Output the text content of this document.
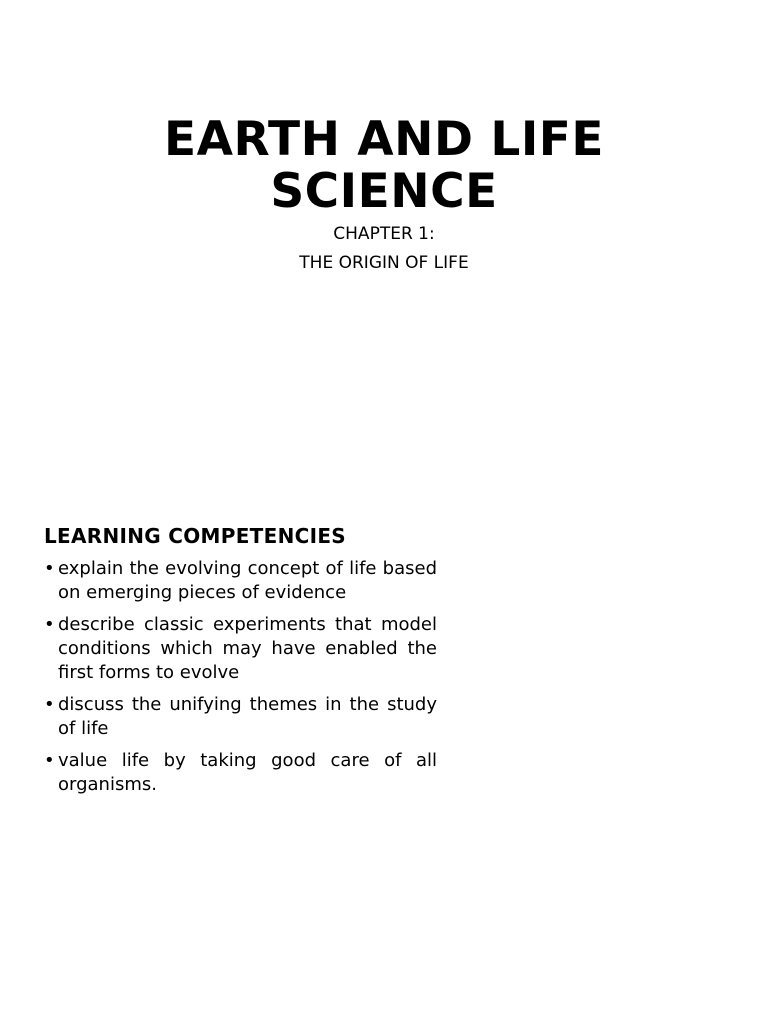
EARTH AND LIFE
SCIENCE
CHAPTER 1:
THE ORIGIN OF LIFE
LEARNING COMPETENCIES
• explain the evolving concept of life based on emerging pieces of evidence
• describe classic experiments that model conditions which may have enabled the first forms to evolve
• discuss the unifying themes in the study of life
• value life by taking good care of all organisms.
